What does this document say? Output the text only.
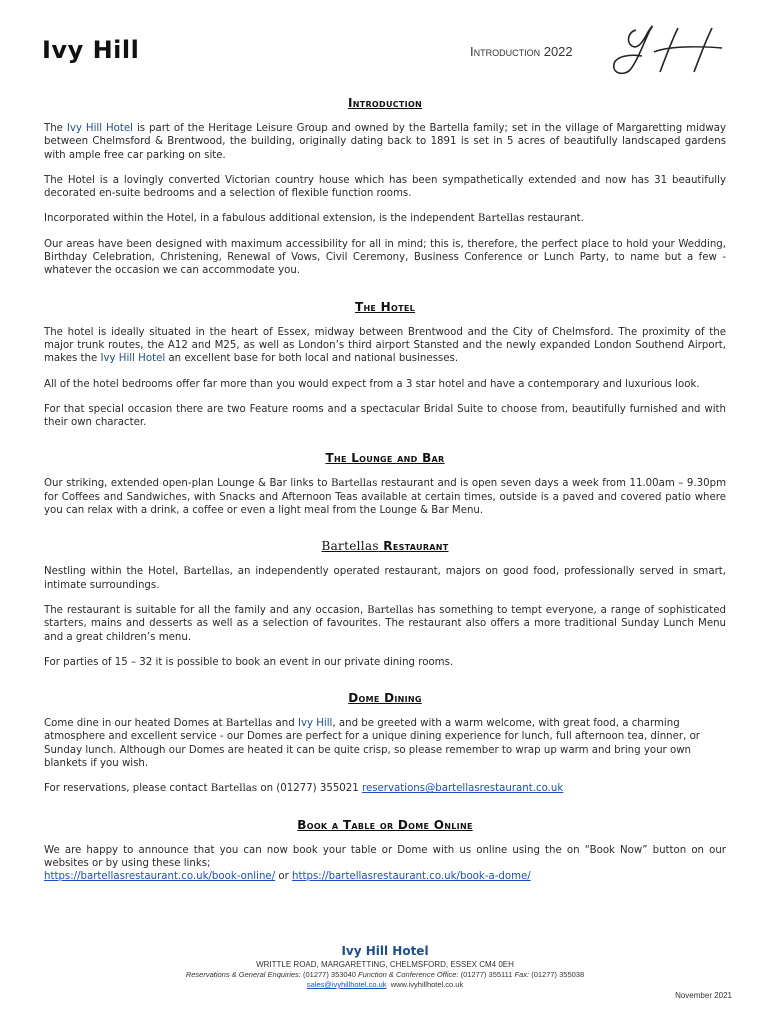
Ivy Hill	Introduction 2022
Introduction

The Ivy Hill Hotel is part of the Heritage Leisure Group and owned by the Bartella family; set in the village of Margaretting midway between Chelmsford & Brentwood, the building, originally dating back to 1891 is set in 5 acres of beautifully landscaped gardens with ample free car parking on site.

The Hotel is a lovingly converted Victorian country house which has been sympathetically extended and now has 31 beautifully decorated en-suite bedrooms and a selection of flexible function rooms.

Incorporated within the Hotel, in a fabulous additional extension, is the independent Bartellas restaurant.

Our areas have been designed with maximum accessibility for all in mind; this is, therefore, the perfect place to hold your Wedding, Birthday Celebration, Christening, Renewal of Vows, Civil Ceremony, Business Conference or Lunch Party, to name but a few - whatever the occasion we can accommodate you.

The Hotel

The hotel is ideally situated in the heart of Essex, midway between Brentwood and the City of Chelmsford. The proximity of the major trunk routes, the A12 and M25, as well as London’s third airport Stansted and the newly expanded London Southend Airport, makes the Ivy Hill Hotel an excellent base for both local and national businesses.

All of the hotel bedrooms offer far more than you would expect from a 3 star hotel and have a contemporary and luxurious look.

For that special occasion there are two Feature rooms and a spectacular Bridal Suite to choose from, beautifully furnished and with their own character.

The Lounge and Bar

Our striking, extended open-plan Lounge & Bar links to Bartellas restaurant and is open seven days a week from 11.00am – 9.30pm for Coffees and Sandwiches, with Snacks and Afternoon Teas available at certain times, outside is a paved and covered patio where you can relax with a drink, a coffee or even a light meal from the Lounge & Bar Menu.

Bartellas Restaurant

Nestling within the Hotel, Bartellas, an independently operated restaurant, majors on good food, professionally served in smart, intimate surroundings.

The restaurant is suitable for all the family and any occasion, Bartellas has something to tempt everyone, a range of sophisticated starters, mains and desserts as well as a selection of favourites. The restaurant also offers a more traditional Sunday Lunch Menu and a great children’s menu.

For parties of 15 – 32 it is possible to book an event in our private dining rooms.

Dome Dining

Come dine in our heated Domes at Bartellas and Ivy Hill, and be greeted with a warm welcome, with great food, a charming atmosphere and excellent service - our Domes are perfect for a unique dining experience for lunch, full afternoon tea, dinner, or Sunday lunch. Although our Domes are heated it can be quite crisp, so please remember to wrap up warm and bring your own blankets if you wish.

For reservations, please contact Bartellas on (01277) 355021 reservations@bartellasrestaurant.co.uk

Book a Table or Dome Online

We are happy to announce that you can now book your table or Dome with us online using the on “Book Now” button on our websites or by using these links;

https://bartellasrestaurant.co.uk/book-online/ or https://bartellasrestaurant.co.uk/book-a-dome/

Ivy Hill Hotel
WRITTLE ROAD, MARGARETTING, CHELMSFORD, ESSEX CM4 0EH
Reservations & General Enquiries: (01277) 353040 Function & Conference Office: (01277) 355111 Fax: (01277) 355038
sales@ivyhillhotel.co.uk www.ivyhillhotel.co.uk
November 2021
